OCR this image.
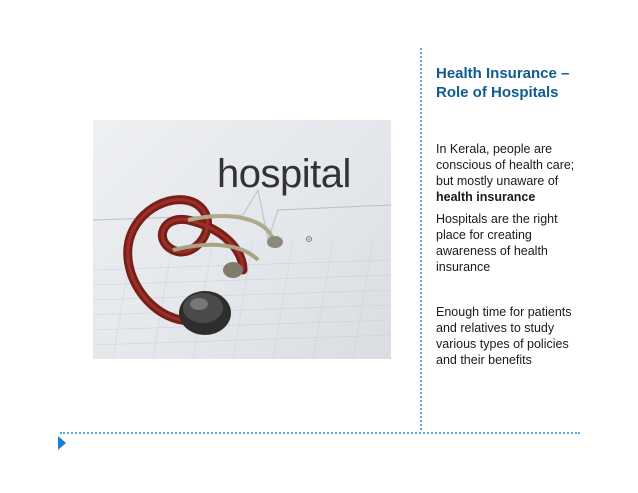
hospital
Health Insurance –
Role of Hospitals
In Kerala, people are
conscious of health care;
but mostly unaware of
health insurance
Hospitals are the right
place for creating
awareness of health
insurance
Enough time for patients
and relatives to study
various types of policies
and their benefits
